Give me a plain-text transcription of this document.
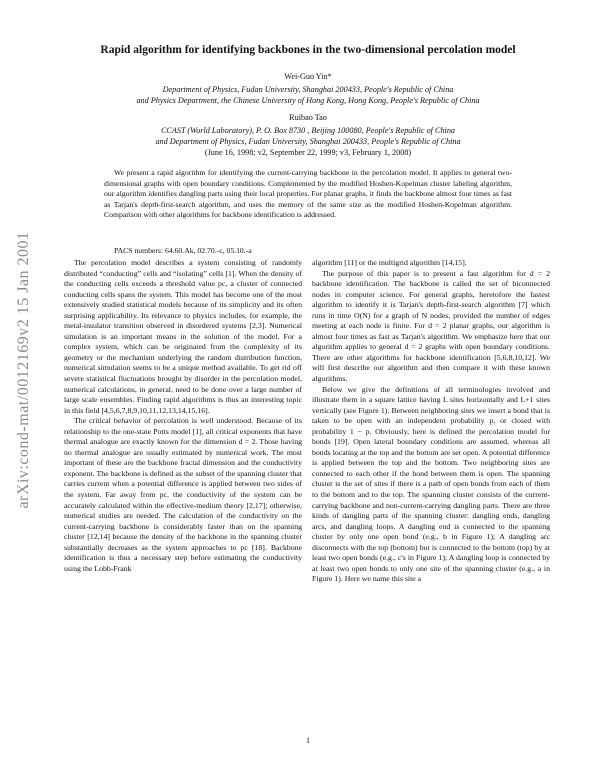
arXiv:cond-mat/0012169v2 15 Jan 2001
Rapid algorithm for identifying backbones in the two-dimensional percolation model
Wei-Guo Yin*
Department of Physics, Fudan University, Shanghai 200433, People's Republic of China
and Physics Department, the Chinese University of Hong Kong, Hong Kong, People's Republic of China
Ruibao Tao
CCAST (World Laboratory), P. O. Box 8730 , Beijing 100080, People's Republic of China
and Department of Physics, Fudan University, Shanghai 200433, People's Republic of China
(June 16, 1998; v2, September 22, 1999; v3, February 1, 2008)

We present a rapid algorithm for identifying the current-carrying backbone in the percolation model. It applies to general two-dimensional graphs with open boundary conditions. Complemented by the modified Hoshen-Kopelman cluster labeling algorithm, our algorithm identifies dangling parts using their local properties. For planar graphs, it finds the backbone almost four times as fast as Tarjan's depth-first-search algorithm, and uses the memory of the same size as the modified Hoshen-Kopelman algorithm. Comparison with other algorithms for backbone identification is addressed.

PACS numbers: 64.60.Ak, 02.70.-c, 05.10.-a

The percolation model describes a system consisting of randomly distributed “conducting” cells and “isolating” cells [1]. When the density of the conducting cells exceeds a threshold value pc, a cluster of connected conducting cells spans the system. This model has become one of the most extensively studied statistical models because of its simplicity and its often surprising applicability. Its relevance to physics includes, for example, the metal-insulator transition observed in disordered systems [2,3]. Numerical simulation is an important means in the solution of the model. For a complex system, which can be originated from the complexity of its geometry or the mechanism underlying the random distribution function, numerical simulation seems to be a unique method available. To get rid off severe statistical fluctuations brought by disorder in the percolation model, numerical calculations, in general, need to be done over a large number of large scale ensembles. Finding rapid algorithms is thus an interesting topic in this field [4,5,6,7,8,9,10,11,12,13,14,15,16].

The critical behavior of percolation is well understood. Because of its relationship to the one-state Potts model [1], all critical exponents that have thermal analogue are exactly known for the dimension d = 2. Those having no thermal analogue are usually estimated by numerical work. The most important of these are the backbone fractal dimension and the conductivity exponent. The backbone is defined as the subset of the spanning cluster that carries current when a potential difference is applied between two sides of the system. Far away from pc, the conductivity of the system can be accurately calculated within the effective-medium theory [2,17]; otherwise, numerical studies are needed. The calculation of the conductivity on the current-carrying backbone is considerably faster than on the spanning cluster [12,14] because the density of the backbone in the spanning cluster substantially decreases as the system approaches to pc [18]. Backbone identification is thus a necessary step before estimating the conductivity using the Lobb-Frank

algorithm [11] or the multigrid algorithm [14,15].

The purpose of this paper is to present a fast algorithm for d = 2 backbone identification. The backbone is called the set of biconnected nodes in computer science. For general graphs, heretofore the fastest algorithm to identify it is Tarjan's depth-first-search algorithm [7] which runs in time O(N) for a graph of N nodes, provided the number of edges meeting at each node is finite. For d = 2 planar graphs, our algorithm is almost four times as fast as Tarjan's algorithm. We emphasize here that our algorithm applies to general d = 2 graphs with open boundary conditions. There are other algorithms for backbone identification [5,6,8,10,12]. We will first describe our algorithm and then compare it with these known algorithms.

Below we give the definitions of all terminologies involved and illustrate them in a square lattice having L sites horizontally and L+1 sites vertically (see Figure 1). Between neighboring sites we insert a bond that is taken to be open with an independent probability p, or closed with probability 1 − p. Obviously, here is defined the percolation model for bonds [19]. Open lateral boundary conditions are assumed, whereas all bonds locating at the top and the bottom are set open. A potential difference is applied between the top and the bottom. Two neighboring sites are connected to each other if the bond between them is open. The spanning cluster is the set of sites if there is a path of open bonds from each of them to the bottom and to the top. The spanning cluster consists of the current-carrying backbone and non-current-carrying dangling parts. There are three kinds of dangling parts of the spanning cluster: dangling ends, dangling arcs, and dangling loops. A dangling end is connected to the spanning cluster by only one open bond (e.g., b in Figure 1); A dangling arc disconnects with the top (bottom) but is connected to the bottom (top) by at least two open bonds (e.g., c's in Figure 1); A dangling loop is connected by at least two open bonds to only one site of the spanning cluster (e.g., a in Figure 1). Here we name this site a

1
